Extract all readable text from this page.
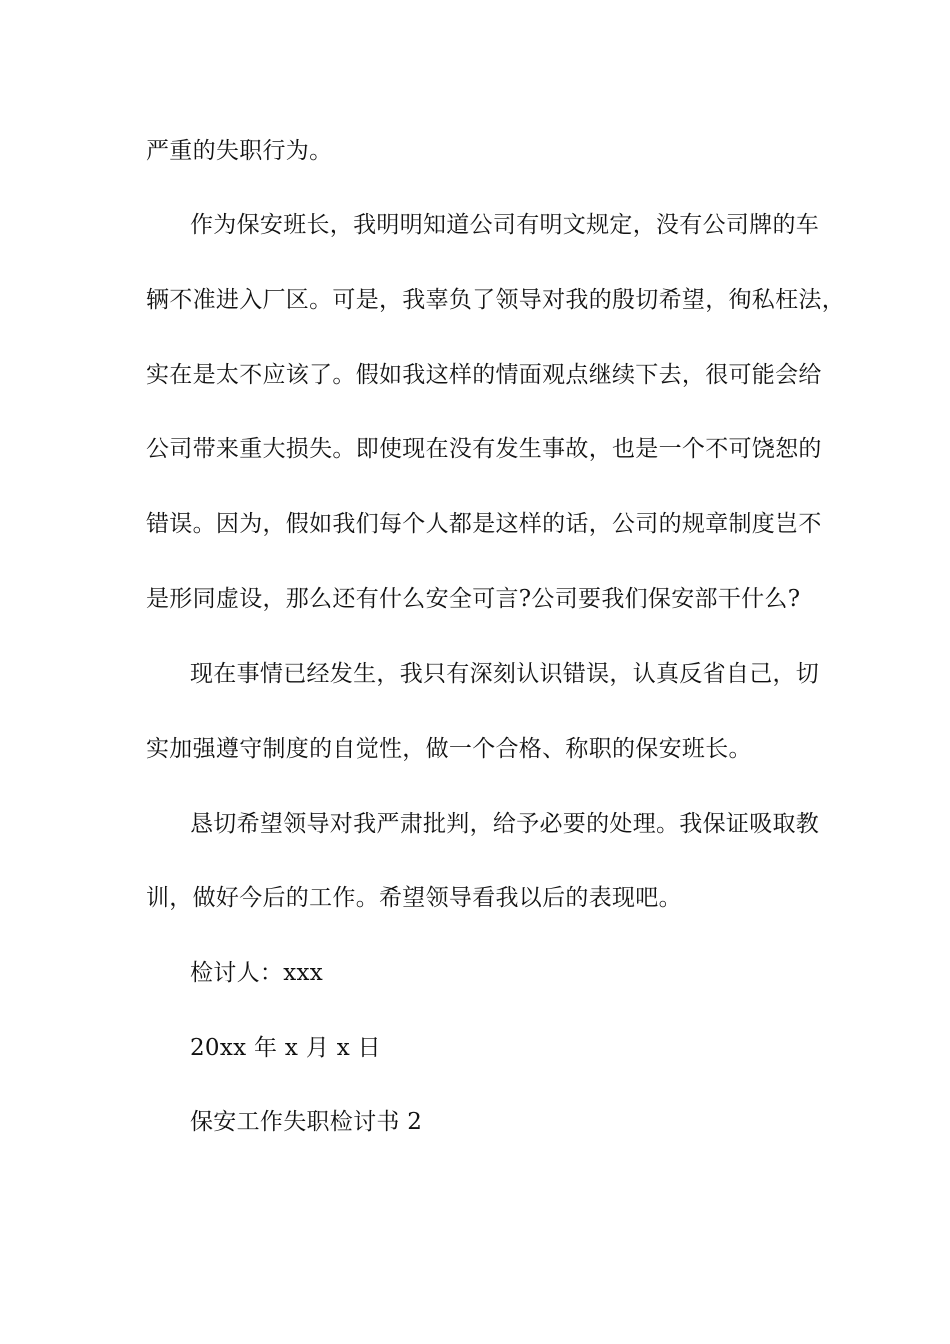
严重的失职行为。
作为保安班长，我明明知道公司有明文规定，没有公司牌的车
辆不准进入厂区。可是，我辜负了领导对我的殷切希望，徇私枉法，
实在是太不应该了。假如我这样的情面观点继续下去，很可能会给
公司带来重大损失。即使现在没有发生事故，也是一个不可饶恕的
错误。因为，假如我们每个人都是这样的话，公司的规章制度岂不
是形同虚设，那么还有什么安全可言?公司要我们保安部干什么?
现在事情已经发生，我只有深刻认识错误，认真反省自己，切
实加强遵守制度的自觉性，做一个合格、称职的保安班长。
恳切希望领导对我严肃批判，给予必要的处理。我保证吸取教
训，做好今后的工作。希望领导看我以后的表现吧。
检讨人：xxx
20xx 年 x 月 x 日
保安工作失职检讨书 2
